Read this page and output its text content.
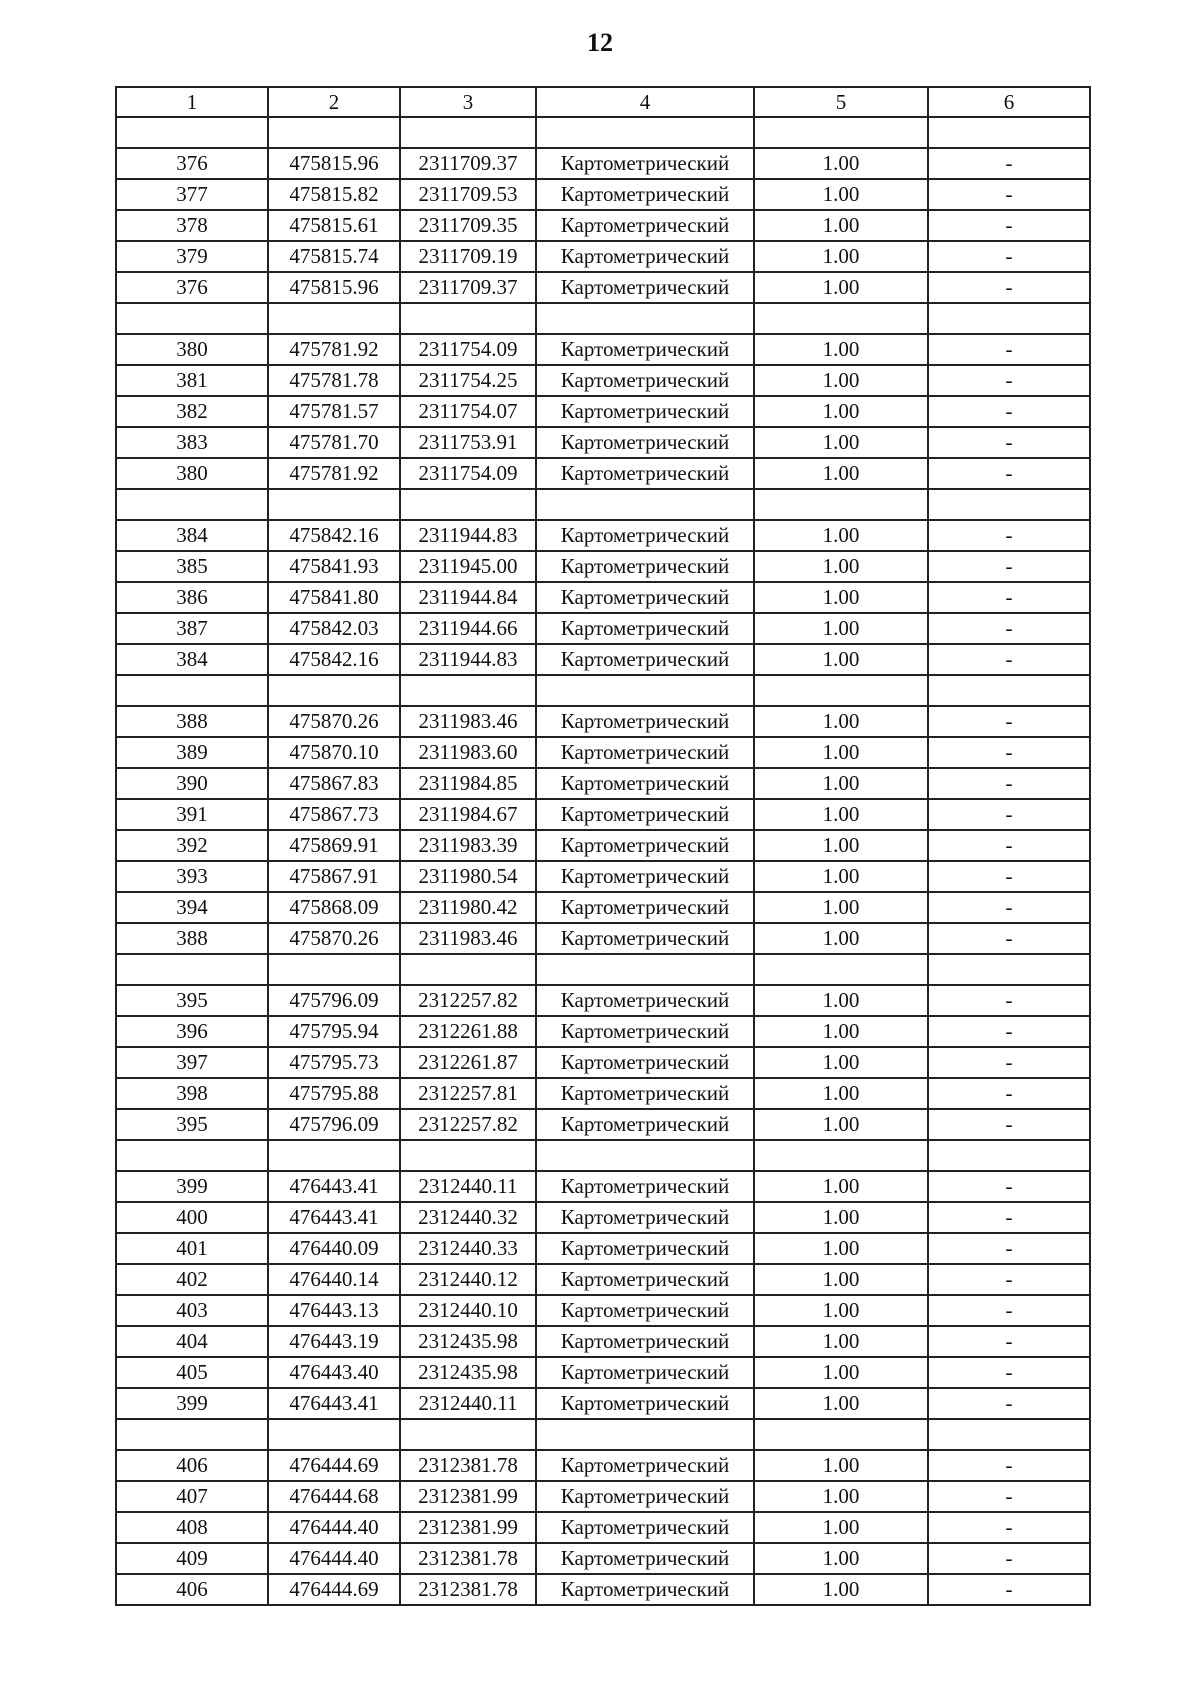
12
1	2	3	4	5	6

376	475815.96	2311709.37	Картометрический	1.00	-
377	475815.82	2311709.53	Картометрический	1.00	-
378	475815.61	2311709.35	Картометрический	1.00	-
379	475815.74	2311709.19	Картометрический	1.00	-
376	475815.96	2311709.37	Картометрический	1.00	-

380	475781.92	2311754.09	Картометрический	1.00	-
381	475781.78	2311754.25	Картометрический	1.00	-
382	475781.57	2311754.07	Картометрический	1.00	-
383	475781.70	2311753.91	Картометрический	1.00	-
380	475781.92	2311754.09	Картометрический	1.00	-

384	475842.16	2311944.83	Картометрический	1.00	-
385	475841.93	2311945.00	Картометрический	1.00	-
386	475841.80	2311944.84	Картометрический	1.00	-
387	475842.03	2311944.66	Картометрический	1.00	-
384	475842.16	2311944.83	Картометрический	1.00	-

388	475870.26	2311983.46	Картометрический	1.00	-
389	475870.10	2311983.60	Картометрический	1.00	-
390	475867.83	2311984.85	Картометрический	1.00	-
391	475867.73	2311984.67	Картометрический	1.00	-
392	475869.91	2311983.39	Картометрический	1.00	-
393	475867.91	2311980.54	Картометрический	1.00	-
394	475868.09	2311980.42	Картометрический	1.00	-
388	475870.26	2311983.46	Картометрический	1.00	-

395	475796.09	2312257.82	Картометрический	1.00	-
396	475795.94	2312261.88	Картометрический	1.00	-
397	475795.73	2312261.87	Картометрический	1.00	-
398	475795.88	2312257.81	Картометрический	1.00	-
395	475796.09	2312257.82	Картометрический	1.00	-

399	476443.41	2312440.11	Картометрический	1.00	-
400	476443.41	2312440.32	Картометрический	1.00	-
401	476440.09	2312440.33	Картометрический	1.00	-
402	476440.14	2312440.12	Картометрический	1.00	-
403	476443.13	2312440.10	Картометрический	1.00	-
404	476443.19	2312435.98	Картометрический	1.00	-
405	476443.40	2312435.98	Картометрический	1.00	-
399	476443.41	2312440.11	Картометрический	1.00	-

406	476444.69	2312381.78	Картометрический	1.00	-
407	476444.68	2312381.99	Картометрический	1.00	-
408	476444.40	2312381.99	Картометрический	1.00	-
409	476444.40	2312381.78	Картометрический	1.00	-
406	476444.69	2312381.78	Картометрический	1.00	-
